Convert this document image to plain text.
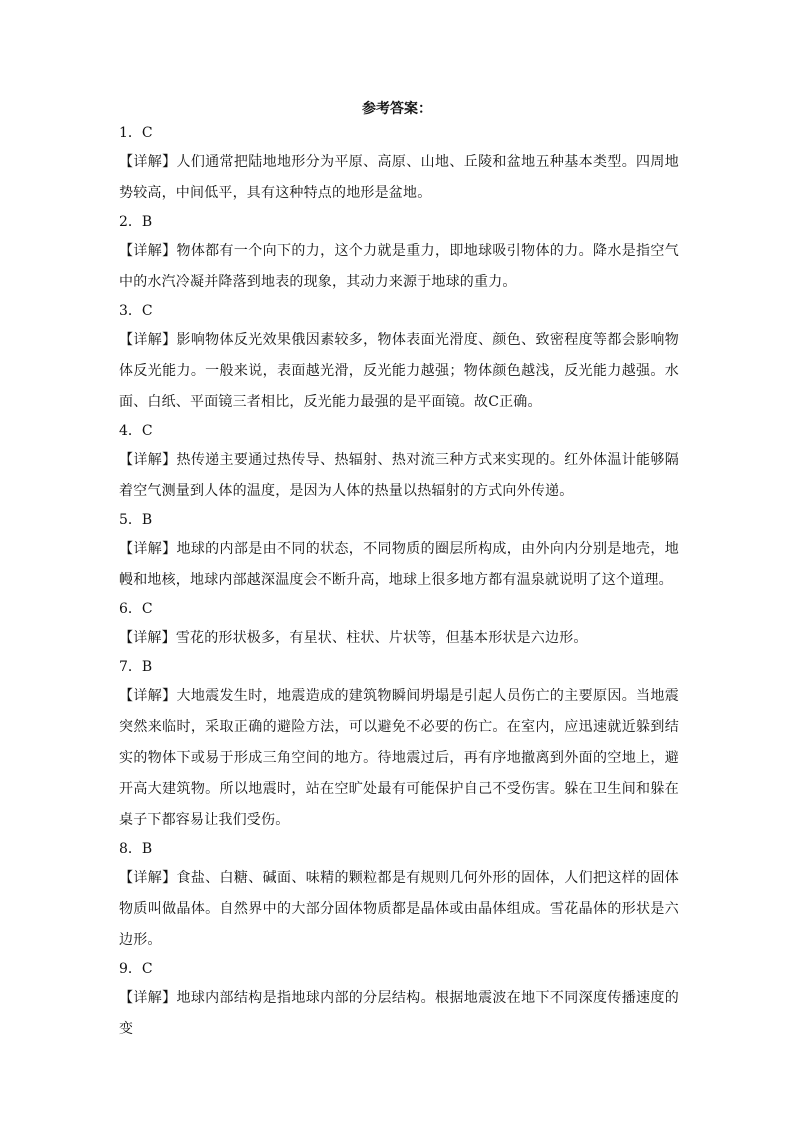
参考答案：
1．C
【详解】人们通常把陆地地形分为平原、高原、山地、丘陵和盆地五种基本类型。四周地势较高，中间低平，具有这种特点的地形是盆地。
2．B
【详解】物体都有一个向下的力，这个力就是重力，即地球吸引物体的力。降水是指空气中的水汽冷凝并降落到地表的现象，其动力来源于地球的重力。
3．C
【详解】影响物体反光效果俄因素较多，物体表面光滑度、颜色、致密程度等都会影响物体反光能力。一般来说，表面越光滑，反光能力越强；物体颜色越浅，反光能力越强。水面、白纸、平面镜三者相比，反光能力最强的是平面镜。故C正确。
4．C
【详解】热传递主要通过热传导、热辐射、热对流三种方式来实现的。红外体温计能够隔着空气测量到人体的温度，是因为人体的热量以热辐射的方式向外传递。
5．B
【详解】地球的内部是由不同的状态，不同物质的圈层所构成，由外向内分别是地壳，地幔和地核，地球内部越深温度会不断升高，地球上很多地方都有温泉就说明了这个道理。
6．C
【详解】雪花的形状极多，有星状、柱状、片状等，但基本形状是六边形。
7．B
【详解】大地震发生时，地震造成的建筑物瞬间坍塌是引起人员伤亡的主要原因。当地震突然来临时，采取正确的避险方法，可以避免不必要的伤亡。在室内，应迅速就近躲到结实的物体下或易于形成三角空间的地方。待地震过后，再有序地撤离到外面的空地上，避开高大建筑物。所以地震时，站在空旷处最有可能保护自己不受伤害。躲在卫生间和躲在桌子下都容易让我们受伤。
8．B
【详解】食盐、白糖、碱面、味精的颗粒都是有规则几何外形的固体，人们把这样的固体物质叫做晶体。自然界中的大部分固体物质都是晶体或由晶体组成。雪花晶体的形状是六边形。
9．C
【详解】地球内部结构是指地球内部的分层结构。根据地震波在地下不同深度传播速度的变
